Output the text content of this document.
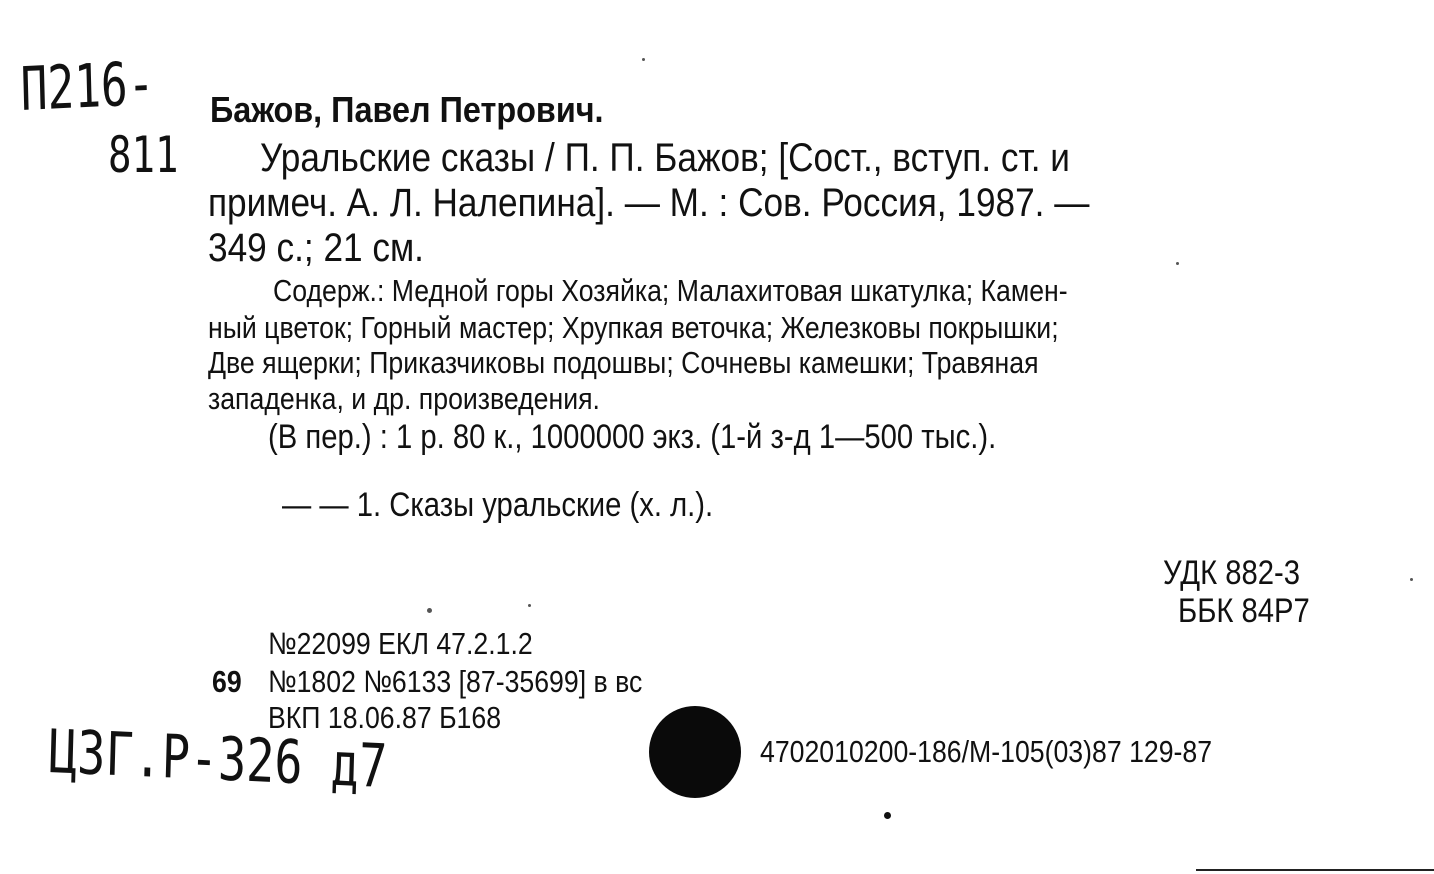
П216-
811
Бажов, Павел Петрович.
Уральские сказы / П. П. Бажов; [Сост., вступ. ст. и
примеч. А. Л. Налепина]. — М. : Сов. Россия, 1987. —
349 с.; 21 см.
Содерж.: Медной горы Хозяйка; Малахитовая шкатулка; Камен-
ный цветок; Горный мастер; Хрупкая веточка; Железковы покрышки;
Две ящерки; Приказчиковы подошвы; Сочневы камешки; Травяная
западенка, и др. произведения.
(В пер.) : 1 р. 80 к., 1000000 экз. (1-й з-д 1—500 тыс.).
— — 1. Сказы уральские (х. л.).
УДК 882-3
ББК 84Р7
№22099 ЕКЛ 47.2.1.2
69 №1802 №6133 [87-35699] в вс
ВКП 18.06.87 Б168
4702010200-186/М-105(03)87 129-87
Ц3Г.Р-326 д7
